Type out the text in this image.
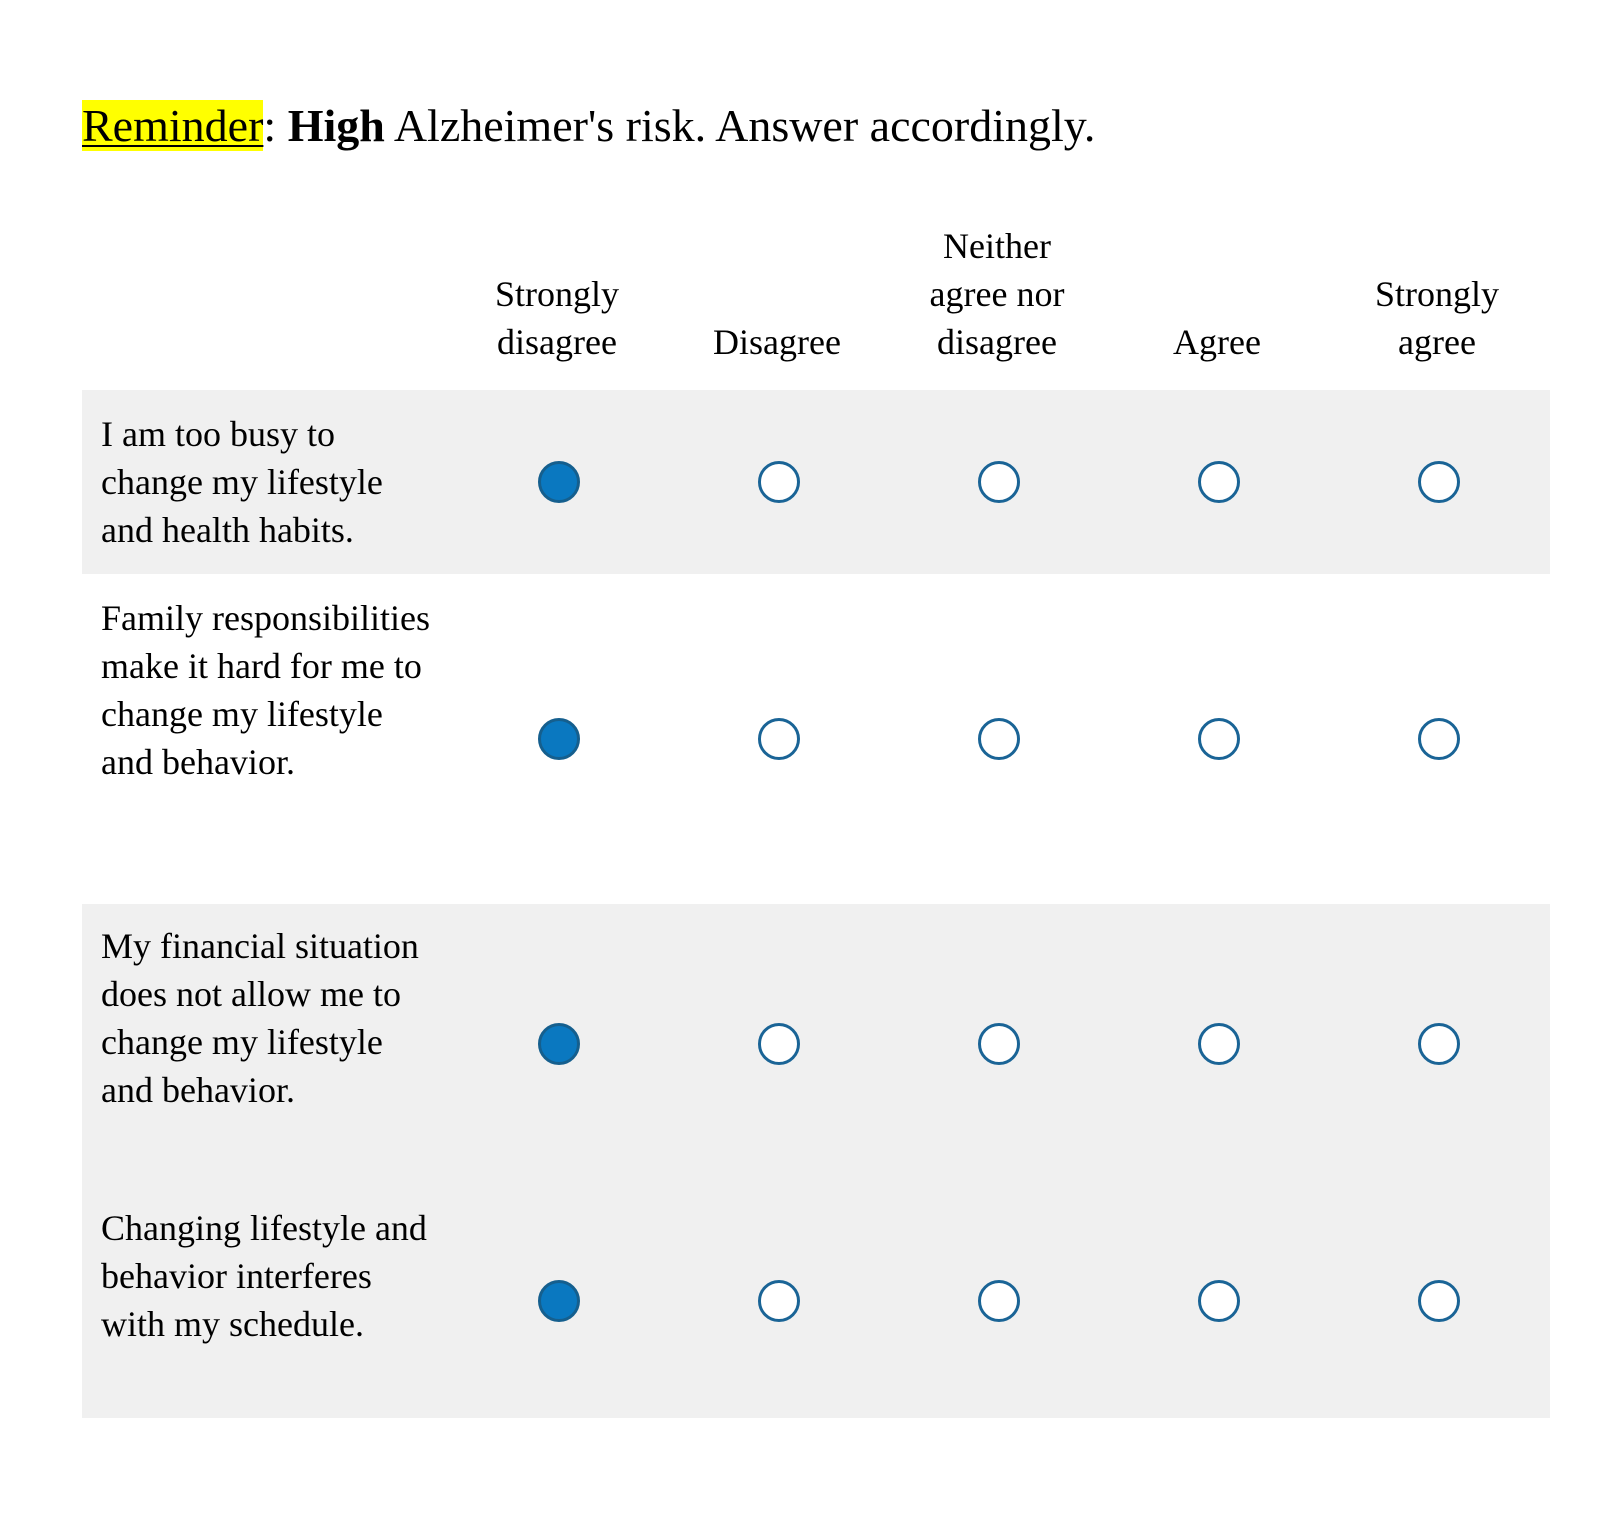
Reminder: High Alzheimer's risk. Answer accordingly.
Strongly disagree	Disagree
Neither agree nor disagree	Agree
Strongly agree
I am too busy to change my lifestyle and health habits.
Family responsibilities make it hard for me to change my lifestyle and behavior.
My financial situation does not allow me to change my lifestyle and behavior.
Changing lifestyle and behavior interferes with my schedule.
